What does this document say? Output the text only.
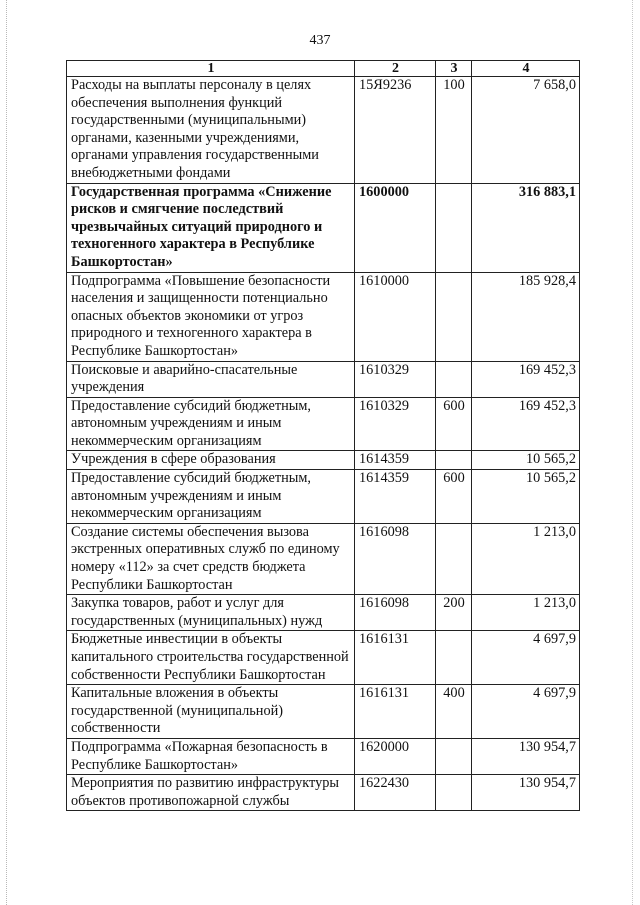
437
1	2	3	4
Расходы на выплаты персоналу в целях обеспечения выполнения функций государственными (муниципальными) органами, казенными учреждениями, органами управления государственными внебюджетными фондами	15Я9236	100	7 658,0
Государственная программа «Снижение рисков и смягчение последствий чрезвычайных ситуаций природного и техногенного характера в Республике Башкортостан»	1600000		316 883,1
Подпрограмма «Повышение безопасности населения и защищенности потенциально опасных объектов экономики от угроз природного и техногенного характера в Республике Башкортостан»	1610000		185 928,4
Поисковые и аварийно-спасательные учреждения	1610329		169 452,3
Предоставление субсидий бюджетным, автономным учреждениям и иным некоммерческим организациям	1610329	600	169 452,3
Учреждения в сфере образования	1614359		10 565,2
Предоставление субсидий бюджетным, автономным учреждениям и иным некоммерческим организациям	1614359	600	10 565,2
Создание системы обеспечения вызова экстренных оперативных служб по единому номеру «112» за счет средств бюджета Республики Башкортостан	1616098		1 213,0
Закупка товаров, работ и услуг для государственных (муниципальных) нужд	1616098	200	1 213,0
Бюджетные инвестиции в объекты капитального строительства государственной собственности Республики Башкортостан	1616131		4 697,9
Капитальные вложения в объекты государственной (муниципальной) собственности	1616131	400	4 697,9
Подпрограмма «Пожарная безопасность в Республике Башкортостан»	1620000		130 954,7
Мероприятия по развитию инфраструктуры объектов противопожарной службы	1622430		130 954,7
